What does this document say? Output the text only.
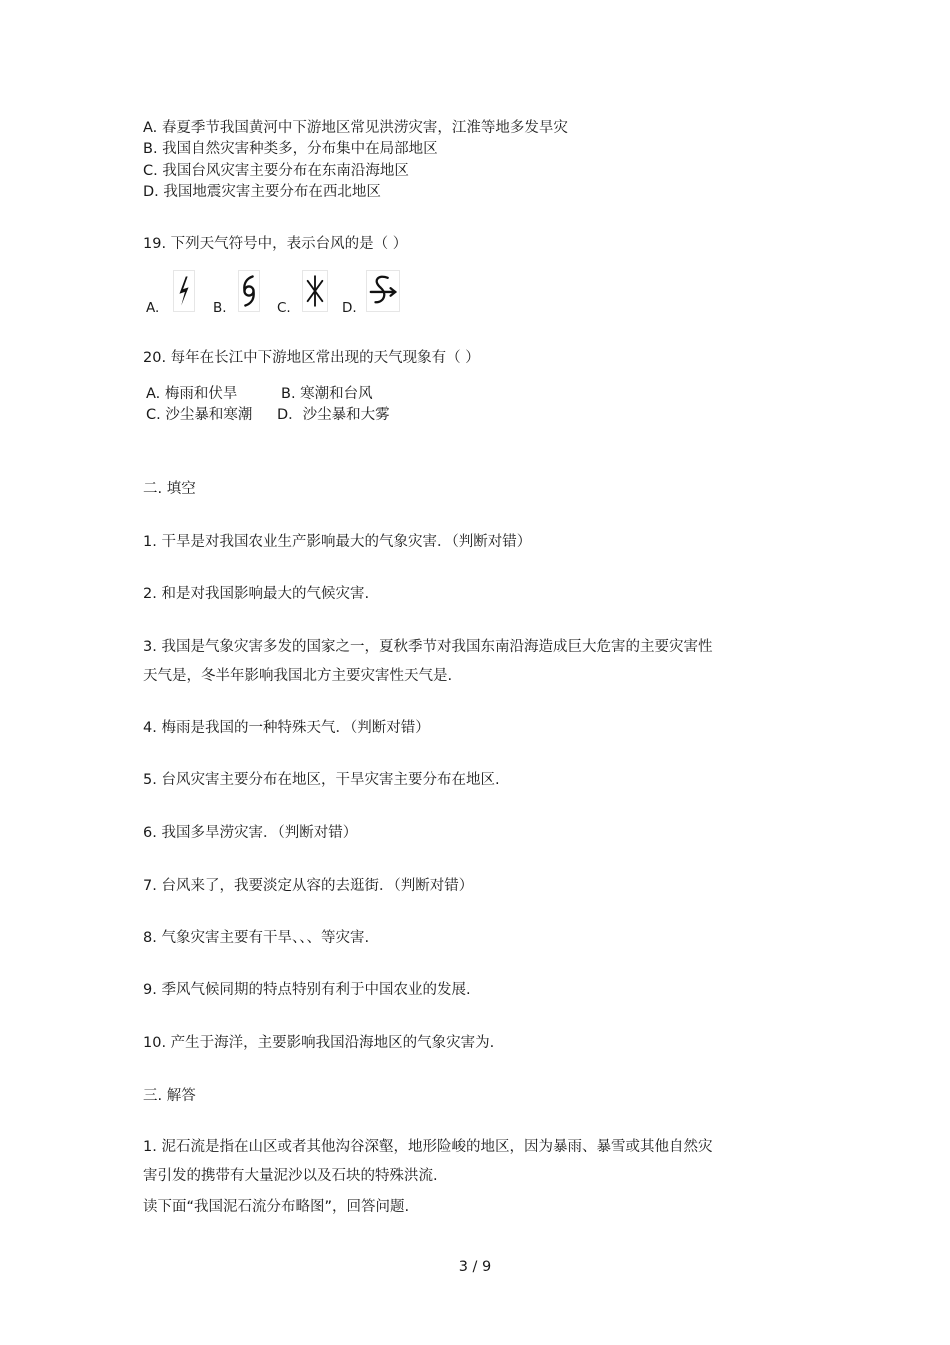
A. 春夏季节我国黄河中下游地区常见洪涝灾害，江淮等地多发旱灾
B. 我国自然灾害种类多，分布集中在局部地区
C. 我国台风灾害主要分布在东南沿海地区
D. 我国地震灾害主要分布在西北地区
19. 下列天气符号中，表示台风的是（ ）
A.	B.	C.	D.
20. 每年在长江中下游地区常出现的天气现象有（ ）
A. 梅雨和伏旱	B. 寒潮和台风
C. 沙尘暴和寒潮 D．沙尘暴和大雾
二. 填空
1. 干旱是对我国农业生产影响最大的气象灾害．（判断对错）
2. 和是对我国影响最大的气候灾害.
3. 我国是气象灾害多发的国家之一，夏秋季节对我国东南沿海造成巨大危害的主要灾害性
天气是，冬半年影响我国北方主要灾害性天气是.
4. 梅雨是我国的一种特殊天气．（判断对错）
5. 台风灾害主要分布在地区，干旱灾害主要分布在地区.
6. 我国多旱涝灾害．（判断对错）
7. 台风来了，我要淡定从容的去逛街．（判断对错）
8. 气象灾害主要有干旱、、、等灾害.
9. 季风气候同期的特点特别有利于中国农业的发展.
10. 产生于海洋，主要影响我国沿海地区的气象灾害为.
三. 解答
1. 泥石流是指在山区或者其他沟谷深壑，地形险峻的地区，因为暴雨、暴雪或其他自然灾
害引发的携带有大量泥沙以及石块的特殊洪流.
读下面“我国泥石流分布略图”，回答问题.
3 / 9
